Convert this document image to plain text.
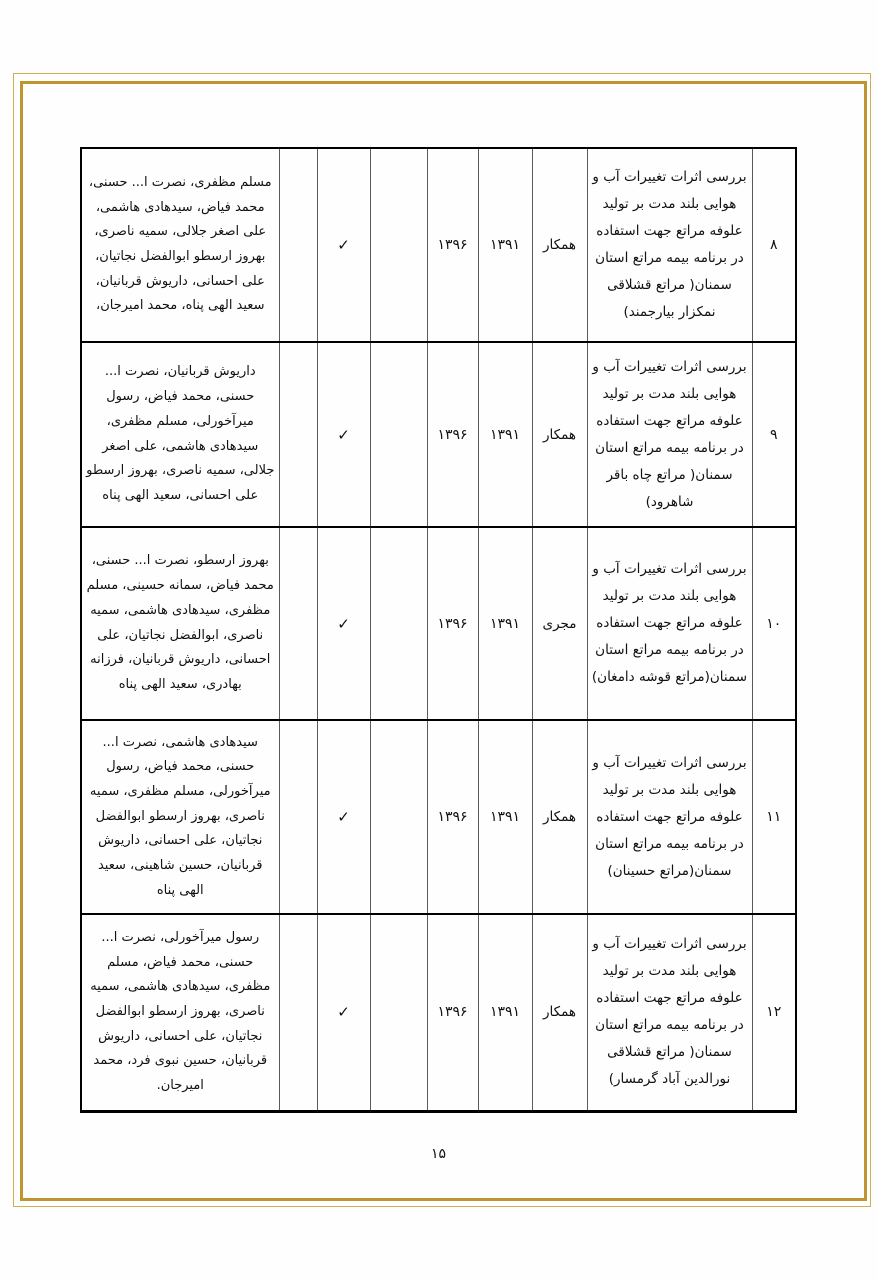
۸	بررسی اثرات تغییرات آب و هوایی بلند مدت بر تولید علوفه مراتع جهت استفاده در برنامه بیمه مراتع استان سمنان( مراتع قشلاقی نمکزار بیارجمند)	همکار	۱۳۹۱	۱۳۹۶		✓		مسلم مظفری، نصرت ا... حسنی، محمد فیاض، سیدهادی هاشمی، علی اصغر جلالی، سمیه ناصری، بهروز ارسطو ابوالفضل نجاتیان، علی احسانی، داریوش قربانیان، سعید الهی پناه، محمد امیرجان،
۹	بررسی اثرات تغییرات آب و هوایی بلند مدت بر تولید علوفه مراتع جهت استفاده در برنامه بیمه مراتع استان سمنان( مراتع چاه باقر شاهرود)	همکار	۱۳۹۱	۱۳۹۶		✓		داریوش قربانیان، نصرت ا... حسنی، محمد فیاض، رسول میرآخورلی، مسلم مظفری، سیدهادی هاشمی، علی اصغر جلالی، سمیه ناصری، بهروز ارسطو علی احسانی، سعید الهی پناه
۱۰	بررسی اثرات تغییرات آب و هوایی بلند مدت بر تولید علوفه مراتع جهت استفاده در برنامه بیمه مراتع استان سمنان(مراتع قوشه دامغان)	مجری	۱۳۹۱	۱۳۹۶		✓		بهروز ارسطو، نصرت ا... حسنی، محمد فیاض، سمانه حسینی، مسلم مظفری، سیدهادی هاشمی، سمیه ناصری، ابوالفضل نجاتیان، علی احسانی، داریوش قربانیان، فرزانه بهادری، سعید الهی پناه
۱۱	بررسی اثرات تغییرات آب و هوایی بلند مدت بر تولید علوفه مراتع جهت استفاده در برنامه بیمه مراتع استان سمنان(مراتع حسینان)	همکار	۱۳۹۱	۱۳۹۶		✓		سیدهادی هاشمی، نصرت ا... حسنی، محمد فیاض، رسول میرآخورلی، مسلم مظفری، سمیه ناصری، بهروز ارسطو ابوالفضل نجاتیان، علی احسانی، داریوش قربانیان، حسین شاهینی، سعید الهی پناه
۱۲	بررسی اثرات تغییرات آب و هوایی بلند مدت بر تولید علوفه مراتع جهت استفاده در برنامه بیمه مراتع استان سمنان( مراتع قشلاقی نورالدین آباد گرمسار)	همکار	۱۳۹۱	۱۳۹۶		✓		رسول میرآخورلی، نصرت ا... حسنی، محمد فیاض، مسلم مظفری، سیدهادی هاشمی، سمیه ناصری، بهروز ارسطو ابوالفضل نجاتیان، علی احسانی، داریوش قربانیان، حسین نبوی فرد، محمد امیرجان.
۱۵
